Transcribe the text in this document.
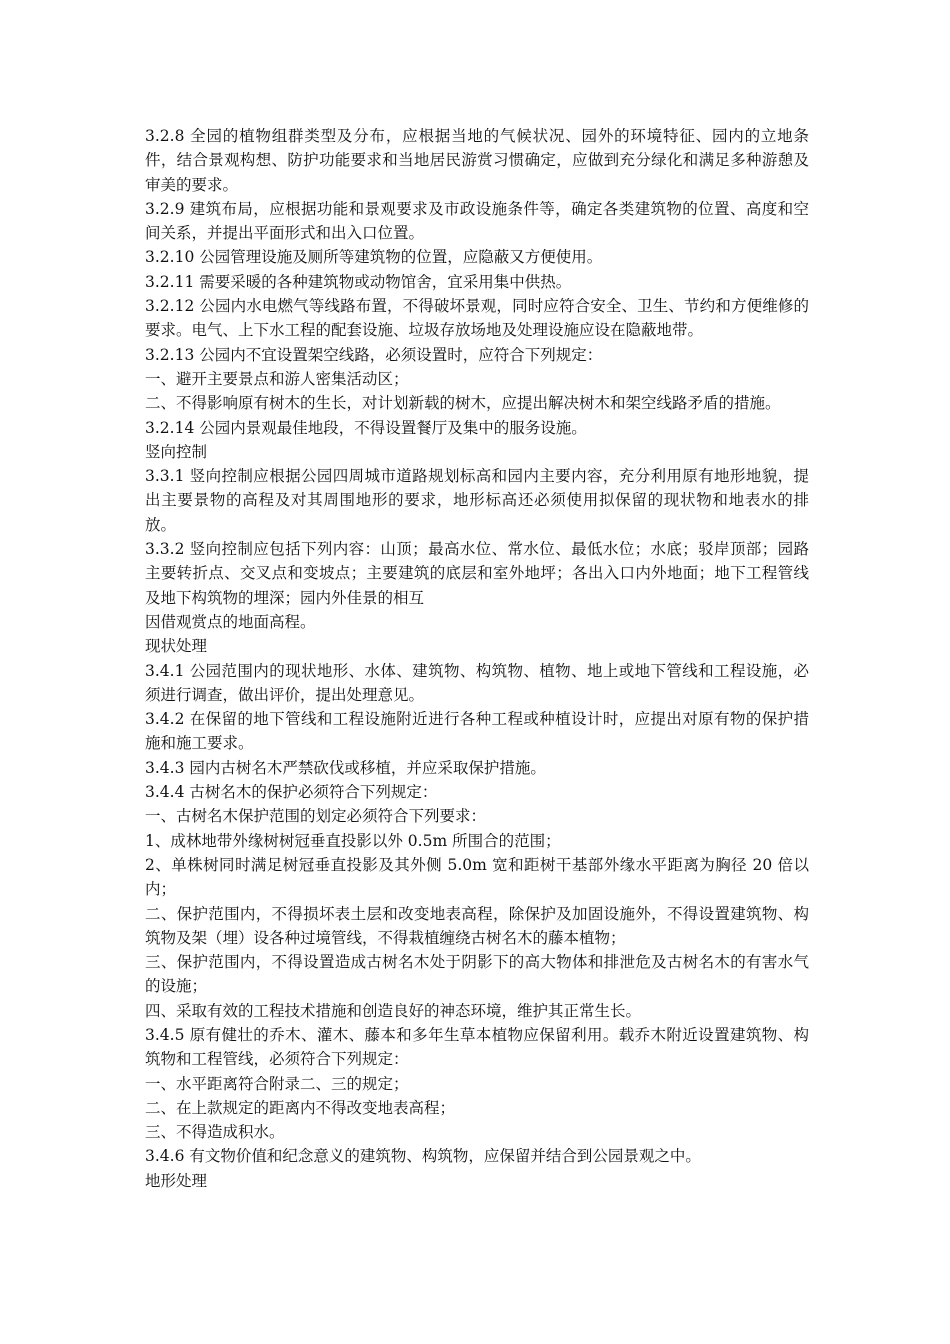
3.2.8 全园的植物组群类型及分布，应根据当地的气候状况、园外的环境特征、园内的立地条件，结合景观构想、防护功能要求和当地居民游赏习惯确定，应做到充分绿化和满足多种游憩及审美的要求。

3.2.9 建筑布局，应根据功能和景观要求及市政设施条件等，确定各类建筑物的位置、高度和空间关系，并提出平面形式和出入口位置。

3.2.10 公园管理设施及厕所等建筑物的位置，应隐蔽又方便使用。

3.2.11 需要采暖的各种建筑物或动物馆舍，宜采用集中供热。

3.2.12 公园内水电燃气等线路布置，不得破坏景观，同时应符合安全、卫生、节约和方便维修的要求。电气、上下水工程的配套设施、垃圾存放场地及处理设施应设在隐蔽地带。

3.2.13 公园内不宜设置架空线路，必须设置时，应符合下列规定：

一、避开主要景点和游人密集活动区；

二、不得影响原有树木的生长，对计划新载的树木，应提出解决树木和架空线路矛盾的措施。

3.2.14 公园内景观最佳地段，不得设置餐厅及集中的服务设施。

竖向控制

3.3.1 竖向控制应根据公园四周城市道路规划标高和园内主要内容，充分利用原有地形地貌，提出主要景物的高程及对其周围地形的要求，地形标高还必须使用拟保留的现状物和地表水的排放。

3.3.2 竖向控制应包括下列内容：山顶；最高水位、常水位、最低水位；水底；驳岸顶部；园路主要转折点、交叉点和变坡点；主要建筑的底层和室外地坪；各出入口内外地面；地下工程管线及地下构筑物的埋深；园内外佳景的相互

因借观赏点的地面高程。

现状处理

3.4.1 公园范围内的现状地形、水体、建筑物、构筑物、植物、地上或地下管线和工程设施，必须进行调查，做出评价，提出处理意见。

3.4.2 在保留的地下管线和工程设施附近进行各种工程或种植设计时，应提出对原有物的保护措施和施工要求。

3.4.3 园内古树名木严禁砍伐或移植，并应采取保护措施。

3.4.4 古树名木的保护必须符合下列规定：

一、古树名木保护范围的划定必须符合下列要求：

1、成林地带外缘树树冠垂直投影以外 0.5m 所围合的范围；

2、单株树同时满足树冠垂直投影及其外侧 5.0m 宽和距树干基部外缘水平距离为胸径 20 倍以内；

二、保护范围内，不得损坏表土层和改变地表高程，除保护及加固设施外，不得设置建筑物、构筑物及架（埋）设各种过境管线，不得栽植缠绕古树名木的藤本植物；

三、保护范围内，不得设置造成古树名木处于阴影下的高大物体和排泄危及古树名木的有害水气的设施；

四、采取有效的工程技术措施和创造良好的神态环境，维护其正常生长。

3.4.5 原有健壮的乔木、灌木、藤本和多年生草本植物应保留利用。载乔木附近设置建筑物、构筑物和工程管线，必须符合下列规定：

一、水平距离符合附录二、三的规定；

二、在上款规定的距离内不得改变地表高程；

三、不得造成积水。

3.4.6 有文物价值和纪念意义的建筑物、构筑物，应保留并结合到公园景观之中。

地形处理
